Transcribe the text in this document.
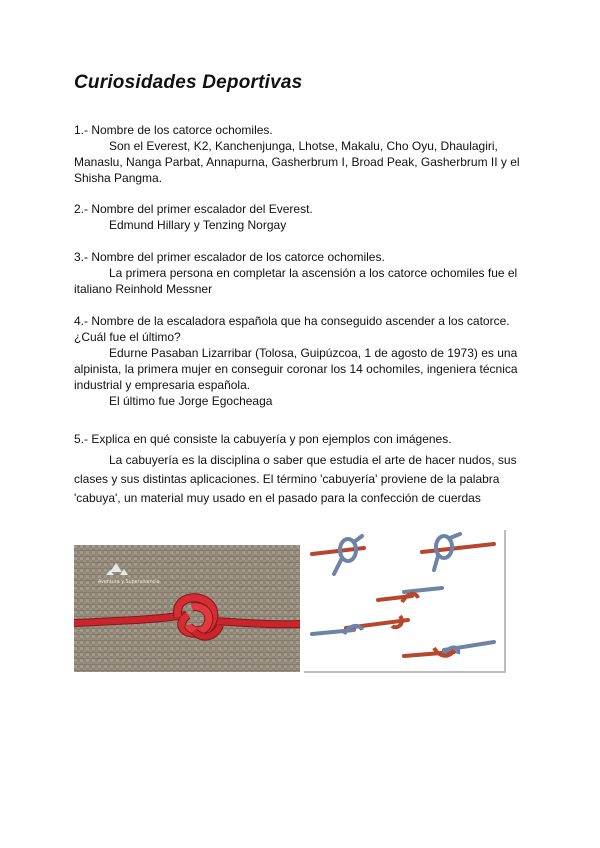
Curiosidades Deportivas
1.- Nombre de los catorce ochomiles.
Son el Everest, K2, Kanchenjunga, Lhotse, Makalu, Cho Oyu, Dhaulagiri,
Manaslu, Nanga Parbat, Annapurna, Gasherbrum I, Broad Peak, Gasherbrum II y el
Shisha Pangma.
2.- Nombre del primer escalador del Everest.
Edmund Hillary y Tenzing Norgay
3.- Nombre del primer escalador de los catorce ochomiles.
La primera persona en completar la ascensión a los catorce ochomiles fue el
italiano Reinhold Messner
4.- Nombre de la escaladora española que ha conseguido ascender a los catorce.
¿Cuál fue el último?
Edurne Pasaban Lizarribar (Tolosa, Guipúzcoa, 1 de agosto de 1973) es una
alpinista, la primera mujer en conseguir coronar los 14 ochomiles, ingeniera técnica
industrial y empresaria española.
El último fue Jorge Egocheaga
5.- Explica en qué consiste la cabuyería y pon ejemplos con imágenes.
La cabuyería es la disciplina o saber que estudia el arte de hacer nudos, sus
clases y sus distintas aplicaciones. El término 'cabuyería' proviene de la palabra
'cabuya', un material muy usado en el pasado para la confección de cuerdas
Aventura y Supervivencia
